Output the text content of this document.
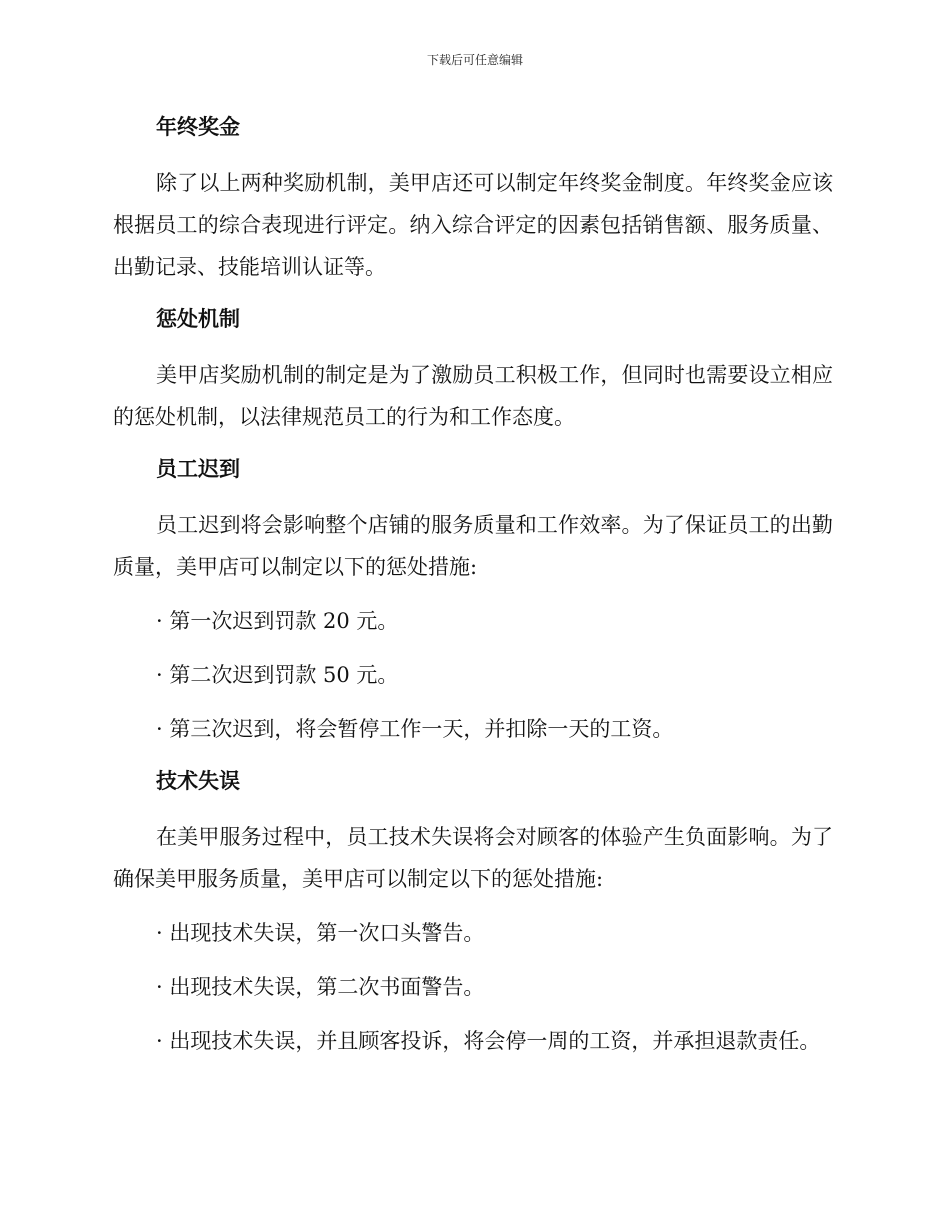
下载后可任意编辑
年终奖金

除了以上两种奖励机制，美甲店还可以制定年终奖金制度。年终奖金应该根据员工的综合表现进行评定。纳入综合评定的因素包括销售额、服务质量、出勤记录、技能培训认证等。

惩处机制

美甲店奖励机制的制定是为了激励员工积极工作，但同时也需要设立相应的惩处机制，以法律规范员工的行为和工作态度。

员工迟到

员工迟到将会影响整个店铺的服务质量和工作效率。为了保证员工的出勤质量，美甲店可以制定以下的惩处措施:

· 第一次迟到罚款 20 元。

· 第二次迟到罚款 50 元。

· 第三次迟到，将会暂停工作一天，并扣除一天的工资。

技术失误

在美甲服务过程中，员工技术失误将会对顾客的体验产生负面影响。为了确保美甲服务质量，美甲店可以制定以下的惩处措施:

· 出现技术失误，第一次口头警告。

· 出现技术失误，第二次书面警告。

· 出现技术失误，并且顾客投诉，将会停一周的工资，并承担退款责任。
